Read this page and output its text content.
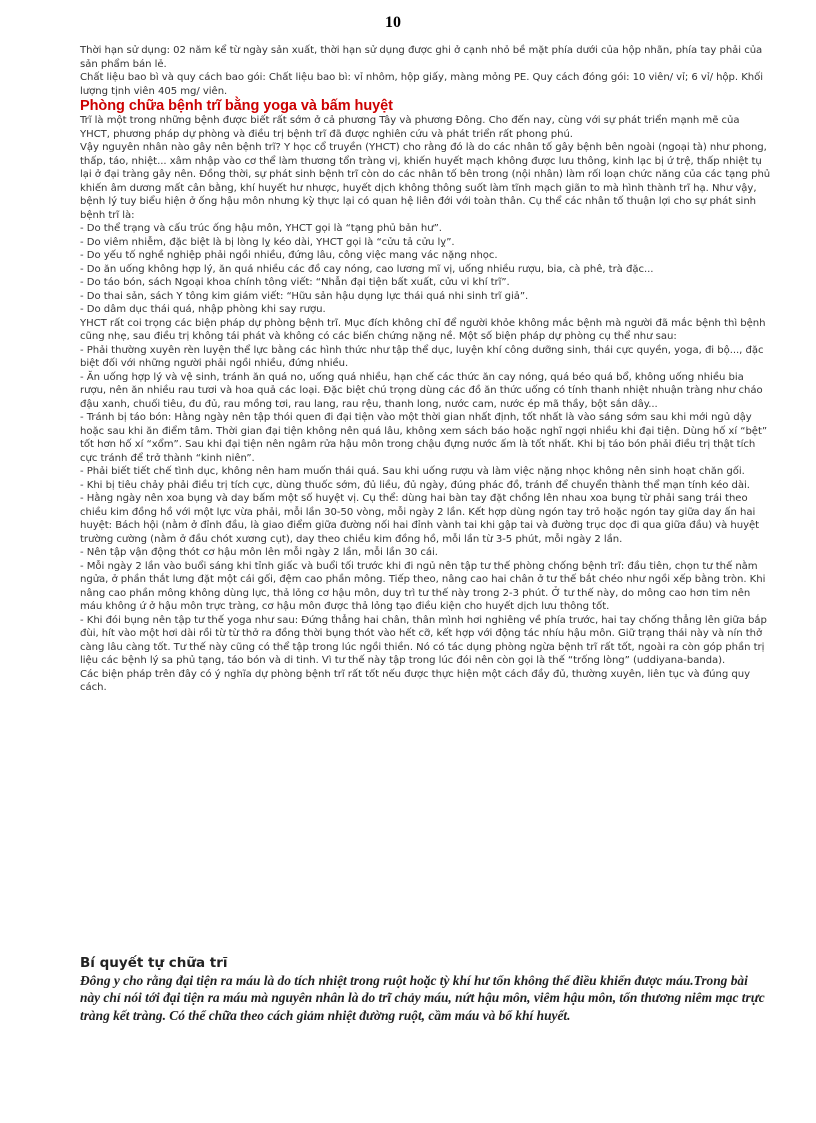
10

Thời hạn sử dụng: 02 năm kể từ ngày sản xuất, thời hạn sử dụng được ghi ở cạnh nhỏ bề mặt phía dưới của hộp nhãn, phía tay phải của sản phẩm bán lẻ.

Chất liệu bao bì và quy cách bao gói: Chất liệu bao bì: vỉ nhôm, hộp giấy, màng mỏng PE. Quy cách đóng gói: 10 viên/ vỉ; 6 vỉ/ hộp. Khối lượng tịnh viên 405 mg/ viên.

Phòng chữa bệnh trĩ bằng yoga và bấm huyệt

Trĩ là một trong những bệnh được biết rất sớm ở cả phương Tây và phương Đông. Cho đến nay, cùng với sự phát triển mạnh mẽ của YHCT, phương pháp dự phòng và điều trị bệnh trĩ đã được nghiên cứu và phát triển rất phong phú.

Vậy nguyên nhân nào gây nên bệnh trĩ? Y học cổ truyền (YHCT) cho rằng đó là do các nhân tố gây bệnh bên ngoài (ngoại tà) như phong, thấp, táo, nhiệt... xâm nhập vào cơ thể làm thương tổn tràng vị, khiến huyết mạch không được lưu thông, kinh lạc bị ứ trệ, thấp nhiệt tụ lại ở đại tràng gây nên. Đồng thời, sự phát sinh bệnh trĩ còn do các nhân tố bên trong (nội nhân) làm rối loạn chức năng của các tạng phủ khiến âm dương mất cân bằng, khí huyết hư nhược, huyết dịch không thông suốt làm tĩnh mạch giãn to mà hình thành trĩ hạ. Như vậy, bệnh lý tuy biểu hiện ở ống hậu môn nhưng kỳ thực lại có quan hệ liên đới với toàn thân. Cụ thể các nhân tố thuận lợi cho sự phát sinh bệnh trĩ là:

- Do thể trạng và cấu trúc ống hậu môn, YHCT gọi là “tạng phủ bản hư”.

- Do viêm nhiễm, đặc biệt là bị lòng lỵ kéo dài, YHCT gọi là “cửu tả cửu lỵ”.

- Do yếu tố nghề nghiệp phải ngồi nhiều, đứng lâu, công việc mang vác nặng nhọc.

- Do ăn uống không hợp lý, ăn quá nhiều các đồ cay nóng, cao lương mĩ vị, uống nhiều rượu, bia, cà phê, trà đặc...

- Do táo bón, sách Ngoại khoa chính tông viết: “Nhẫn đại tiện bất xuất, cửu vi khí trĩ”.

- Do thai sản, sách Y tông kim giám viết: “Hữu sản hậu dụng lực thái quá nhi sinh trĩ giả”.

- Do dâm dục thái quá, nhập phòng khi say rượu.

YHCT rất coi trọng các biện pháp dự phòng bệnh trĩ. Mục đích không chỉ để người khỏe không mắc bệnh mà người đã mắc bệnh thì bệnh cũng nhẹ, sau điều trị không tái phát và không có các biến chứng nặng nề. Một số biện pháp dự phòng cụ thể như sau:

- Phải thường xuyên rèn luyện thể lực bằng các hình thức như tập thể dục, luyện khí công dưỡng sinh, thái cực quyền, yoga, đi bộ..., đặc biệt đối với những người phải ngồi nhiều, đứng nhiều.

- Ăn uống hợp lý và vệ sinh, tránh ăn quá no, uống quá nhiều, hạn chế các thức ăn cay nóng, quá béo quá bổ, không uống nhiều bia rượu, nên ăn nhiều rau tươi và hoa quả các loại. Đặc biệt chú trọng dùng các đồ ăn thức uống có tính thanh nhiệt nhuận tràng như cháo đậu xanh, chuối tiêu, đu đủ, rau mồng tơi, rau lang, rau rệu, thanh long, nước cam, nước ép mã thầy, bột sắn dây...

- Tránh bị táo bón: Hằng ngày nên tập thói quen đi đại tiện vào một thời gian nhất định, tốt nhất là vào sáng sớm sau khi mới ngủ dậy hoặc sau khi ăn điểm tâm. Thời gian đại tiện không nên quá lâu, không xem sách báo hoặc nghĩ ngợi nhiều khi đại tiện. Dùng hố xí “bệt” tốt hơn hố xí “xổm”. Sau khi đại tiện nên ngâm rửa hậu môn trong chậu đựng nước ấm là tốt nhất. Khi bị táo bón phải điều trị thật tích cực tránh để trở thành “kinh niên”.

- Phải biết tiết chế tình dục, không nên ham muốn thái quá. Sau khi uống rượu và làm việc nặng nhọc không nên sinh hoạt chăn gối.

- Khi bị tiêu chảy phải điều trị tích cực, dùng thuốc sớm, đủ liều, đủ ngày, đúng phác đồ, tránh để chuyển thành thể mạn tính kéo dài.

- Hằng ngày nên xoa bụng và day bấm một số huyệt vị. Cụ thể: dùng hai bàn tay đặt chồng lên nhau xoa bụng từ phải sang trái theo chiều kim đồng hồ với một lực vừa phải, mỗi lần 30-50 vòng, mỗi ngày 2 lần. Kết hợp dùng ngón tay trỏ hoặc ngón tay giữa day ấn hai huyệt: Bách hội (nằm ở đỉnh đầu, là giao điểm giữa đường nối hai đỉnh vành tai khi gập tai và đường trục dọc đi qua giữa đầu) và huyệt trường cường (nằm ở đầu chót xương cụt), day theo chiều kim đồng hồ, mỗi lần từ 3-5 phút, mỗi ngày 2 lần.

- Nên tập vận động thót cơ hậu môn lên mỗi ngày 2 lần, mỗi lần 30 cái.

- Mỗi ngày 2 lần vào buổi sáng khi tỉnh giấc và buổi tối trước khi đi ngủ nên tập tư thế phòng chống bệnh trĩ: đầu tiên, chọn tư thế nằm ngửa, ở phần thắt lưng đặt một cái gối, đệm cao phần mông. Tiếp theo, nâng cao hai chân ở tư thế bắt chéo như ngồi xếp bằng tròn. Khi nâng cao phần mông không dùng lực, thả lỏng cơ hậu môn, duy trì tư thế này trong 2-3 phút. Ở tư thế này, do mông cao hơn tim nên máu không ứ ở hậu môn trực tràng, cơ hậu môn được thả lỏng tạo điều kiện cho huyết dịch lưu thông tốt.

- Khi đói bụng nên tập tư thế yoga như sau: Đứng thẳng hai chân, thân mình hơi nghiêng về phía trước, hai tay chống thẳng lên giữa bắp đùi, hít vào một hơi dài rồi từ từ thở ra đồng thời bụng thót vào hết cỡ, kết hợp với động tác nhíu hậu môn. Giữ trạng thái này và nín thở càng lâu càng tốt. Tư thế này cũng có thể tập trong lúc ngồi thiền. Nó có tác dụng phòng ngừa bệnh trĩ rất tốt, ngoài ra còn góp phần trị liệu các bệnh lý sa phủ tạng, táo bón và di tinh. Vì tư thế này tập trong lúc đói nên còn gọi là thế “trống lòng” (uddiyana-banda).

Các biện pháp trên đây có ý nghĩa dự phòng bệnh trĩ rất tốt nếu được thực hiện một cách đầy đủ, thường xuyên, liên tục và đúng quy cách.

Bí quyết tự chữa trĩ

Đông y cho rằng đại tiện ra máu là do tích nhiệt trong ruột hoặc tỳ khí hư tổn không thể điều khiển được máu.Trong bài này chỉ nói tới đại tiện ra máu mà nguyên nhân là do trĩ chảy máu, nứt hậu môn, viêm hậu môn, tổn thương niêm mạc trực tràng kết tràng. Có thể chữa theo cách giảm nhiệt đường ruột, cầm máu và bổ khí huyết.
